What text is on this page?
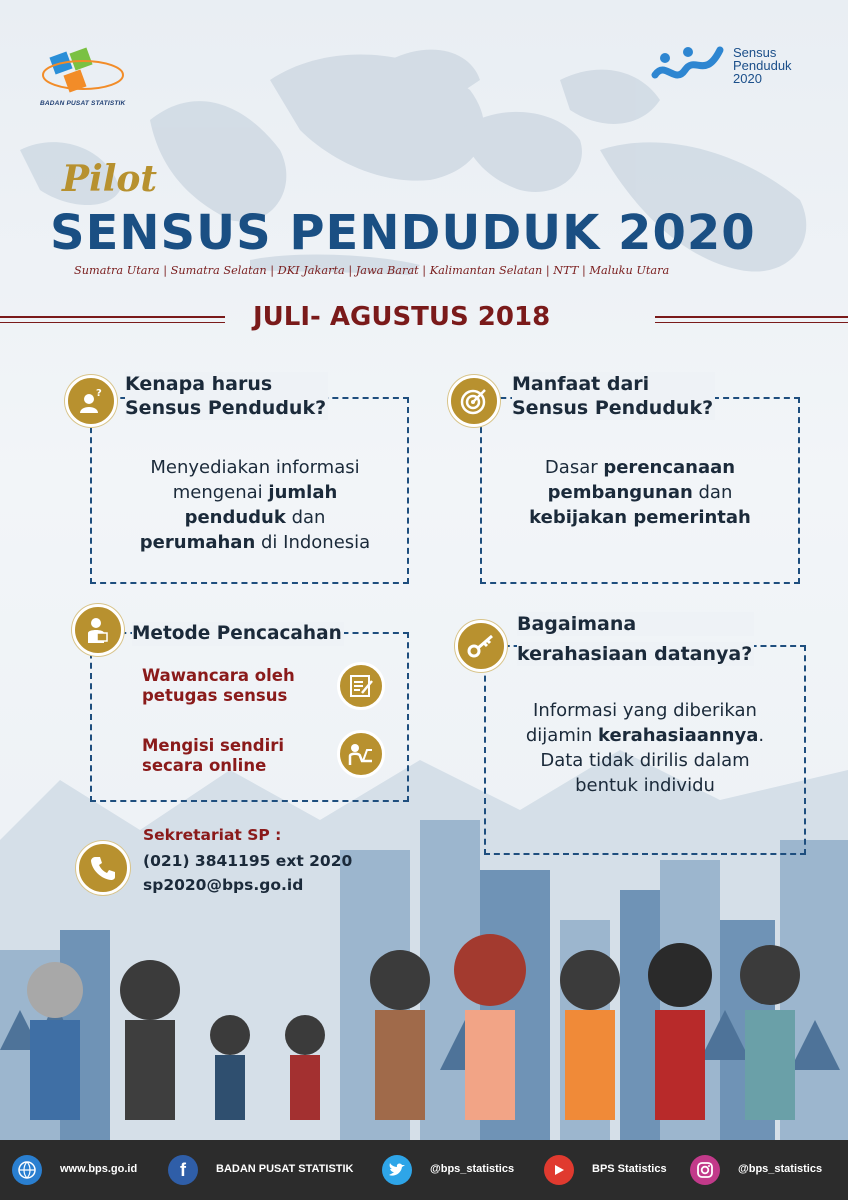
BADAN PUSAT STATISTIK
Sensus
Penduduk
2020
Pilot
SENSUS PENDUDUK 2020
Sumatra Utara | Sumatra Selatan | DKI Jakarta | Jawa Barat | Kalimantan Selatan | NTT | Maluku Utara
JULI- AGUSTUS 2018
? Kenapa harus
Sensus Penduduk?
Menyediakan informasi
mengenai jumlah
penduduk dan
perumahan di Indonesia
Manfaat dari
Sensus Penduduk?
Dasar perencanaan
pembangunan dan
kebijakan pemerintah
Metode Pencacahan
Wawancara oleh
petugas sensus
Mengisi sendiri
secara online
Bagaimana
kerahasiaan datanya?
Informasi yang diberikan
dijamin kerahasiaannya.
Data tidak dirilis dalam
bentuk individu
Sekretariat SP :
(021) 3841195 ext 2020
sp2020@bps.go.id
www.bps.go.id	f	BADAN PUSAT STATISTIK	@bps_statistics	BPS Statistics	@bps_statistics
